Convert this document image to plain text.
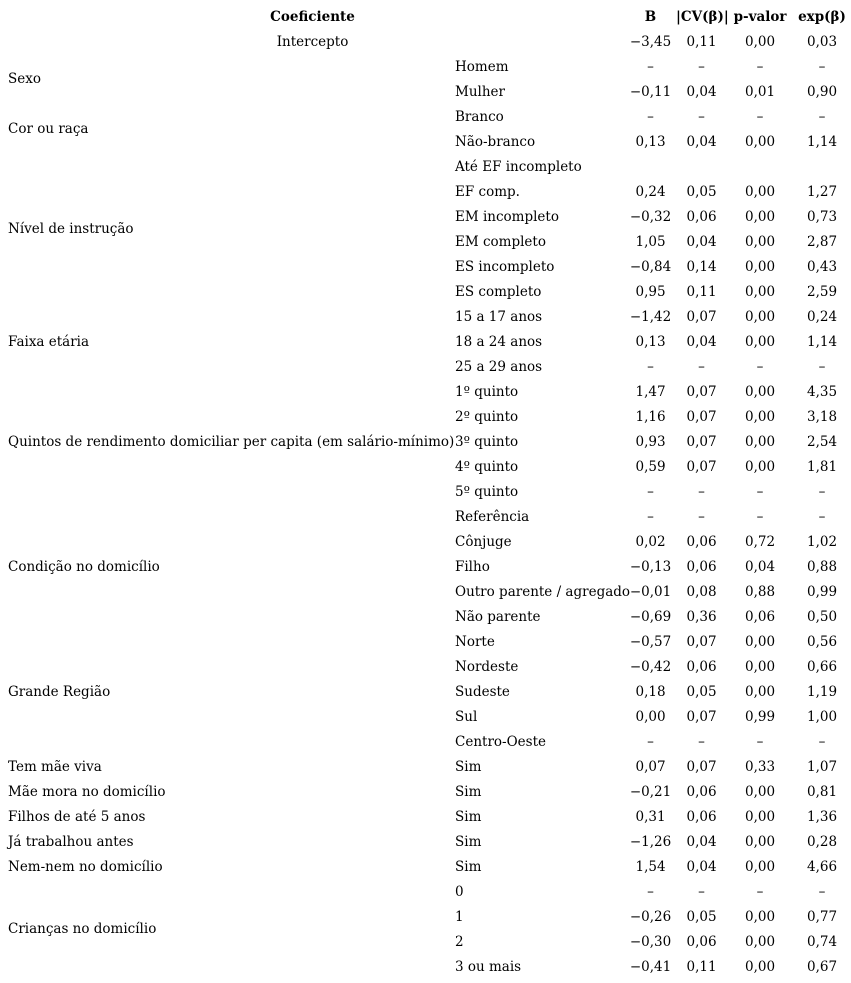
Coeficiente		B	|CV(β)|	p-valor	exp(β)
Intercepto		−3,45	0,11	0,00	0,03
Sexo	Homem	–	–	–	–
	Mulher	−0,11	0,04	0,01	0,90
Cor ou raça	Branco	–	–	–	–
	Não-branco	0,13	0,04	0,00	1,14
Nível de instrução	Até EF incompleto				
	EF comp.	0,24	0,05	0,00	1,27
	EM incompleto	−0,32	0,06	0,00	0,73
	EM completo	1,05	0,04	0,00	2,87
	ES incompleto	−0,84	0,14	0,00	0,43
	ES completo	0,95	0,11	0,00	2,59
Faixa etária	15 a 17 anos	−1,42	0,07	0,00	0,24
	18 a 24 anos	0,13	0,04	0,00	1,14
	25 a 29 anos	–	–	–	–
Quintos de rendimento domiciliar per capita (em salário-mínimo)	1º quinto	1,47	0,07	0,00	4,35
	2º quinto	1,16	0,07	0,00	3,18
	3º quinto	0,93	0,07	0,00	2,54
	4º quinto	0,59	0,07	0,00	1,81
	5º quinto	–	–	–	–
Condição no domicílio	Referência	–	–	–	–
	Cônjuge	0,02	0,06	0,72	1,02
	Filho	−0,13	0,06	0,04	0,88
	Outro parente / agregado	−0,01	0,08	0,88	0,99
	Não parente	−0,69	0,36	0,06	0,50
Grande Região	Norte	−0,57	0,07	0,00	0,56
	Nordeste	−0,42	0,06	0,00	0,66
	Sudeste	0,18	0,05	0,00	1,19
	Sul	0,00	0,07	0,99	1,00
	Centro-Oeste	–	–	–	–
Tem mãe viva	Sim	0,07	0,07	0,33	1,07
Mãe mora no domicílio	Sim	−0,21	0,06	0,00	0,81
Filhos de até 5 anos	Sim	0,31	0,06	0,00	1,36
Já trabalhou antes	Sim	−1,26	0,04	0,00	0,28
Nem-nem no domicílio	Sim	1,54	0,04	0,00	4,66
Crianças no domicílio	0	–	–	–	–
	1	−0,26	0,05	0,00	0,77
	2	−0,30	0,06	0,00	0,74
	3 ou mais	−0,41	0,11	0,00	0,67
